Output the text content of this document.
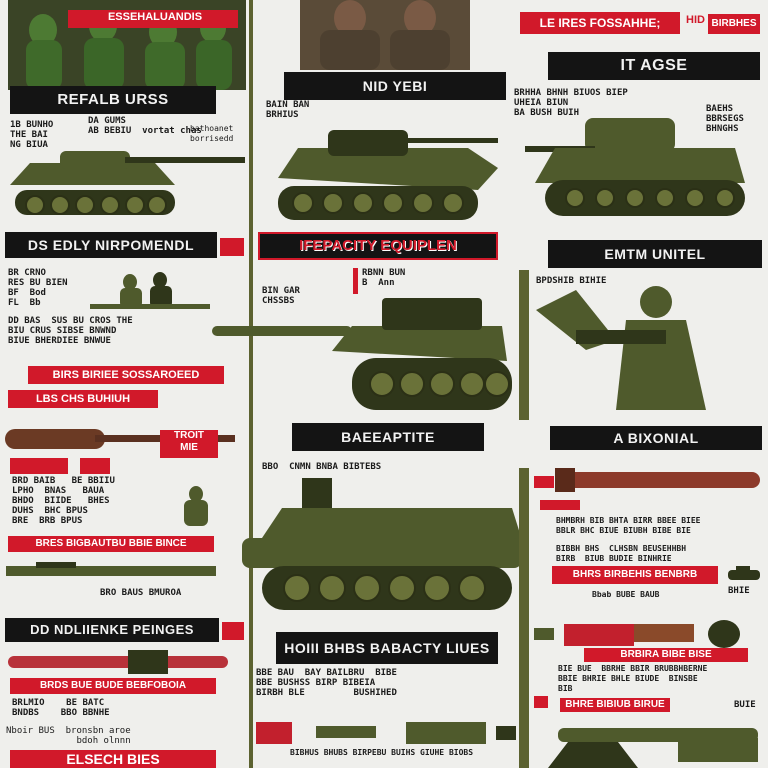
ESSEHALUANDIS
REFALB URSS
1B BUNHO
THE BAI
NG BIUA
DA GUMS
AB BEBIU  vortat chas
bathoanet
borrisedd
DS EDLY NIRPOMENDL
BR CRNO
RES BU BIEN
BF  Bod
FL  Bb
DD BAS  SUS BU CROS THE
BIU CRUS SIBSE BNWND
BIUE BHERDIEE BNWUE
BIRS BIRIEE SOSSAROEED
LBS CHS BUHIUH
TROIT
MIE
BRD BAIB   BE BBIIU
LPHO  BNAS   BAUA
BHDO  BIIDE   BHES
DUHS  BHC BPUS
BRE  BRB BPUS
BRES BIGBAUTBU BBIE BINCE
BRO BAUS BMUROA
DD NDLIIENKE PEINGES
BRDS BUE BUDE BEBFOBOIA
BRLMIO    BE BATC
BNDBS    BBO BBNHE
Nboir BUS  bronsbn aroe
bdoh olnnn
ELSECH BIES
NID YEBI
BAIN BAN
BRHIUS
IFEPACITY EQUIPLEN
RBNN BUN
B  Ann
BIN GAR
CHSSBS
BAEEAPTITE
BBO  CNMN BNBA BIBTEBS
HOIII BHBS BABACTY LIUES
BBE BAU  BAY BAILBRU  BIBE
BBE BUSHSS BIRP BIBEIA
BIRBH BLE         BUSHIHED
BIBHUS BHUBS BIRPEBU BUIHS GIUHE BIOBS
LE IRES FOSSAHHE;	HID BIRBHES
IT AGSE
BRHHA BHNH BIUOS BIEP
UHEIA BIUN
BA BUSH BUIH	BAEHS
BBRSEGS
BHNGHS
EMTM UNITEL
BPDSHIB BIHIE
A BIXONIAL
BHMBRH BIB BHTA BIRR BBEE BIEE
BBLR BHC BIUE BIUBH BIBE BIE
BIBBH BHS  CLHSBN BEUSEHHBH
BIRB  BIUB BUDIE BINHRIE
BHRS BIRBEHIS BENBRB
BHIE
Bbab BUBE BAUB
BRBIRA BIBE BISE
BIE BUE  BBRHE BBIR BRUBBHBERNE
BBIE BHRIE BHLE BIUDE  BINSBE
BIB
BHRE BIBIUB BIRUE	BUIE
